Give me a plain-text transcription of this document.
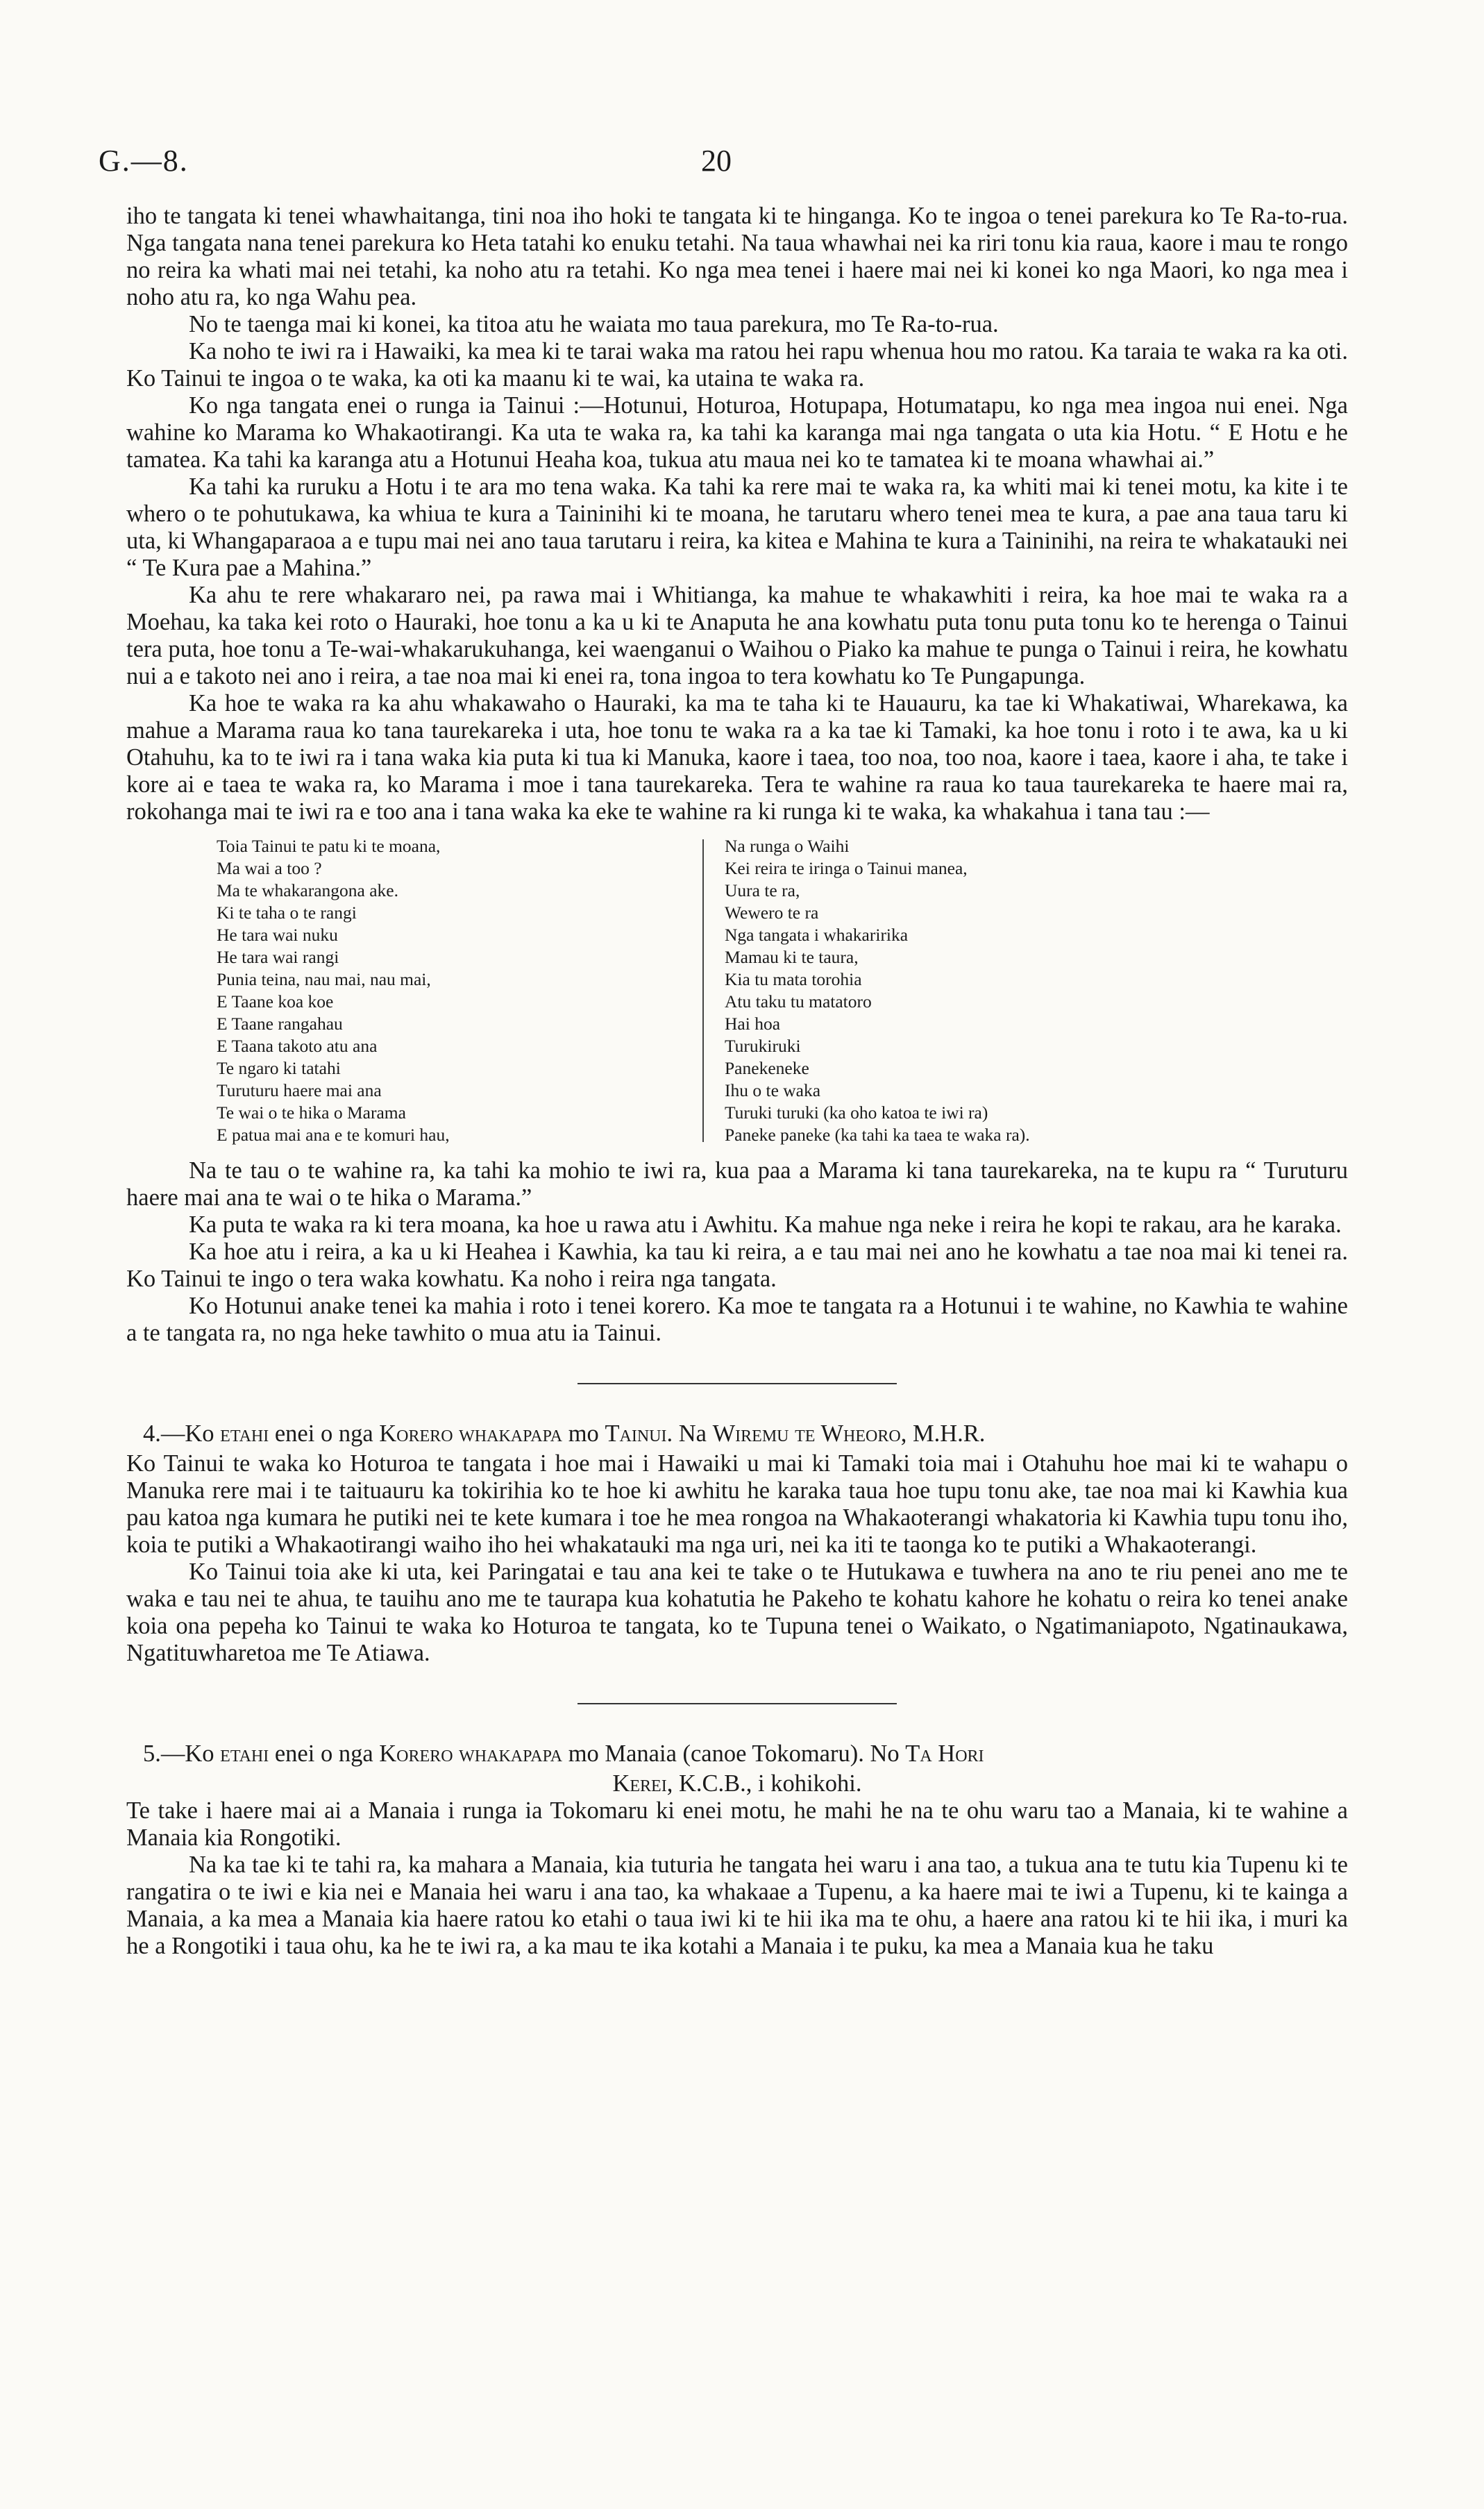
G.—8.	20

iho te tangata ki tenei whawhaitanga, tini noa iho hoki te tangata ki te hinganga. Ko te ingoa o tenei parekura ko Te Ra-to-rua. Nga tangata nana tenei parekura ko Heta tatahi ko enuku tetahi. Na taua whawhai nei ka riri tonu kia raua, kaore i mau te rongo no reira ka whati mai nei tetahi, ka noho atu ra tetahi. Ko nga mea tenei i haere mai nei ki konei ko nga Maori, ko nga mea i noho atu ra, ko nga Wahu pea.

No te taenga mai ki konei, ka titoa atu he waiata mo taua parekura, mo Te Ra-to-rua.

Ka noho te iwi ra i Hawaiki, ka mea ki te tarai waka ma ratou hei rapu whenua hou mo ratou. Ka taraia te waka ra ka oti. Ko Tainui te ingoa o te waka, ka oti ka maanu ki te wai, ka utaina te waka ra.

Ko nga tangata enei o runga ia Tainui :—Hotunui, Hoturoa, Hotupapa, Hotumatapu, ko nga mea ingoa nui enei. Nga wahine ko Marama ko Whakaotirangi. Ka uta te waka ra, ka tahi ka karanga mai nga tangata o uta kia Hotu. “ E Hotu e he tamatea. Ka tahi ka karanga atu a Hotunui Heaha koa, tukua atu maua nei ko te tamatea ki te moana whawhai ai.”

Ka tahi ka ruruku a Hotu i te ara mo tena waka. Ka tahi ka rere mai te waka ra, ka whiti mai ki tenei motu, ka kite i te whero o te pohutukawa, ka whiua te kura a Taininihi ki te moana, he tarutaru whero tenei mea te kura, a pae ana taua taru ki uta, ki Whangaparaoa a e tupu mai nei ano taua tarutaru i reira, ka kitea e Mahina te kura a Taininihi, na reira te whakatauki nei “ Te Kura pae a Mahina.”

Ka ahu te rere whakararo nei, pa rawa mai i Whitianga, ka mahue te whakawhiti i reira, ka hoe mai te waka ra a Moehau, ka taka kei roto o Hauraki, hoe tonu a ka u ki te Anaputa he ana kowhatu puta tonu puta tonu ko te herenga o Tainui tera puta, hoe tonu a Te-wai-whakarukuhanga, kei waenganui o Waihou o Piako ka mahue te punga o Tainui i reira, he kowhatu nui a e takoto nei ano i reira, a tae noa mai ki enei ra, tona ingoa to tera kowhatu ko Te Pungapunga.

Ka hoe te waka ra ka ahu whakawaho o Hauraki, ka ma te taha ki te Hauauru, ka tae ki Whakatiwai, Wharekawa, ka mahue a Marama raua ko tana taurekareka i uta, hoe tonu te waka ra a ka tae ki Tamaki, ka hoe tonu i roto i te awa, ka u ki Otahuhu, ka to te iwi ra i tana waka kia puta ki tua ki Manuka, kaore i taea, too noa, too noa, kaore i taea, kaore i aha, te take i kore ai e taea te waka ra, ko Marama i moe i tana taurekareka. Tera te wahine ra raua ko taua taurekareka te haere mai ra, rokohanga mai te iwi ra e too ana i tana waka ka eke te wahine ra ki runga ki te waka, ka whakahua i tana tau :—

Toia Tainui te patu ki te moana,
Ma wai a too ?
Ma te whakarangona ake.
Ki te taha o te rangi
He tara wai nuku
He tara wai rangi
Punia teina, nau mai, nau mai,
E Taane koa koe
E Taane rangahau
E Taana takoto atu ana
Te ngaro ki tatahi
Turuturu haere mai ana
Te wai o te hika o Marama
E patua mai ana e te komuri hau,
Na runga o Waihi
Kei reira te iringa o Tainui manea,
Uura te ra,
Wewero te ra
Nga tangata i whakaririka
Mamau ki te taura,
Kia tu mata torohia
Atu taku tu matatoro
Hai hoa
Turukiruki
Panekeneke
Ihu o te waka
Turuki turuki (ka oho katoa te iwi ra)
Paneke paneke (ka tahi ka taea te waka ra).

Na te tau o te wahine ra, ka tahi ka mohio te iwi ra, kua paa a Marama ki tana taurekareka, na te kupu ra “ Turuturu haere mai ana te wai o te hika o Marama.”

Ka puta te waka ra ki tera moana, ka hoe u rawa atu i Awhitu. Ka mahue nga neke i reira he kopi te rakau, ara he karaka.

Ka hoe atu i reira, a ka u ki Heahea i Kawhia, ka tau ki reira, a e tau mai nei ano he kowhatu a tae noa mai ki tenei ra. Ko Tainui te ingo o tera waka kowhatu. Ka noho i reira nga tangata.

Ko Hotunui anake tenei ka mahia i roto i tenei korero. Ka moe te tangata ra a Hotunui i te wahine, no Kawhia te wahine a te tangata ra, no nga heke tawhito o mua atu ia Tainui.

4.—Ko etahi enei o nga Korero whakapapa mo Tainui. Na Wiremu te Wheoro, M.H.R.

Ko Tainui te waka ko Hoturoa te tangata i hoe mai i Hawaiki u mai ki Tamaki toia mai i Otahuhu hoe mai ki te wahapu o Manuka rere mai i te taituauru ka tokirihia ko te hoe ki awhitu he karaka taua hoe tupu tonu ake, tae noa mai ki Kawhia kua pau katoa nga kumara he putiki nei te kete kumara i toe he mea rongoa na Whakaoterangi whakatoria ki Kawhia tupu tonu iho, koia te putiki a Whakaotirangi waiho iho hei whakatauki ma nga uri, nei ka iti te taonga ko te putiki a Whakaoterangi.

Ko Tainui toia ake ki uta, kei Paringatai e tau ana kei te take o te Hutukawa e tuwhera na ano te riu penei ano me te waka e tau nei te ahua, te tauihu ano me te taurapa kua kohatutia he Pakeho te kohatu kahore he kohatu o reira ko tenei anake koia ona pepeha ko Tainui te waka ko Hoturoa te tangata, ko te Tupuna tenei o Waikato, o Ngatimaniapoto, Ngatinaukawa, Ngatituwharetoa me Te Atiawa.

5.—Ko etahi enei o nga Korero whakapapa mo Manaia (canoe Tokomaru). No Ta Hori

Kerei, K.C.B., i kohikohi.

Te take i haere mai ai a Manaia i runga ia Tokomaru ki enei motu, he mahi he na te ohu waru tao a Manaia, ki te wahine a Manaia kia Rongotiki.

Na ka tae ki te tahi ra, ka mahara a Manaia, kia tuturia he tangata hei waru i ana tao, a tukua ana te tutu kia Tupenu ki te rangatira o te iwi e kia nei e Manaia hei waru i ana tao, ka whakaae a Tupenu, a ka haere mai te iwi a Tupenu, ki te kainga a Manaia, a ka mea a Manaia kia haere ratou ko etahi o taua iwi ki te hii ika ma te ohu, a haere ana ratou ki te hii ika, i muri ka he a Rongotiki i taua ohu, ka he te iwi ra, a ka mau te ika kotahi a Manaia i te puku, ka mea a Manaia kua he taku
